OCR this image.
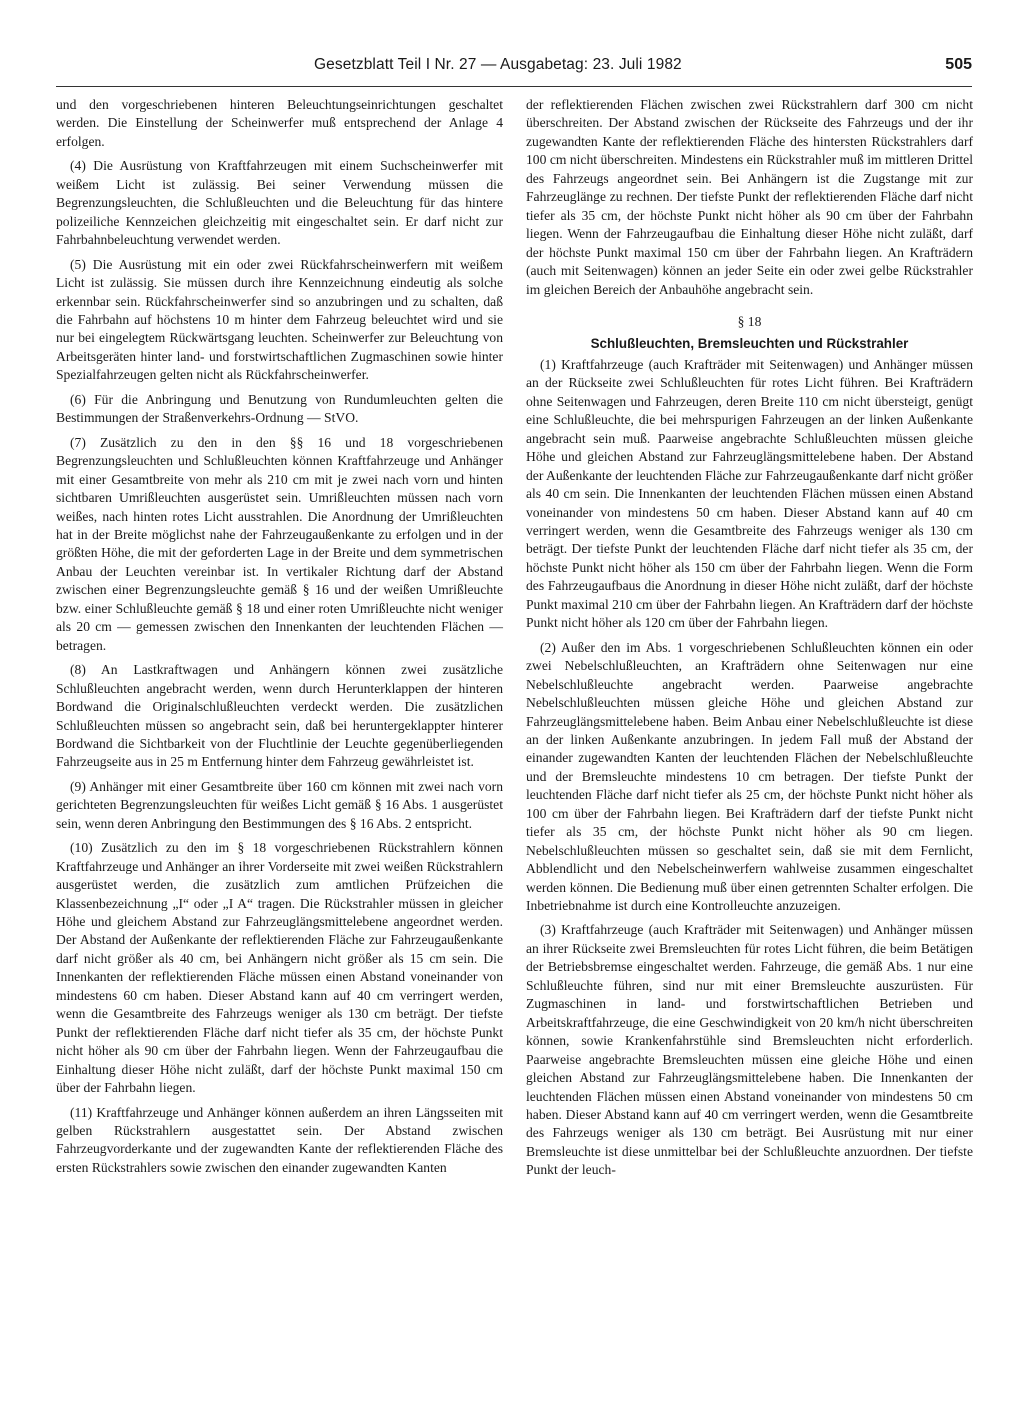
Gesetzblatt Teil I Nr. 27 — Ausgabetag: 23. Juli 1982	505

und den vorgeschriebenen hinteren Beleuchtungseinrichtungen geschaltet werden. Die Einstellung der Scheinwerfer muß entsprechend der Anlage 4 erfolgen.

(4) Die Ausrüstung von Kraftfahrzeugen mit einem Suchscheinwerfer mit weißem Licht ist zulässig. Bei seiner Verwendung müssen die Begrenzungsleuchten, die Schlußleuchten und die Beleuchtung für das hintere polizeiliche Kennzeichen gleichzeitig mit eingeschaltet sein. Er darf nicht zur Fahrbahnbeleuchtung verwendet werden.

(5) Die Ausrüstung mit ein oder zwei Rückfahrscheinwerfern mit weißem Licht ist zulässig. Sie müssen durch ihre Kennzeichnung eindeutig als solche erkennbar sein. Rückfahrscheinwerfer sind so anzubringen und zu schalten, daß die Fahrbahn auf höchstens 10 m hinter dem Fahrzeug beleuchtet wird und sie nur bei eingelegtem Rückwärtsgang leuchten. Scheinwerfer zur Beleuchtung von Arbeitsgeräten hinter land- und forstwirtschaftlichen Zugmaschinen sowie hinter Spezialfahrzeugen gelten nicht als Rückfahrscheinwerfer.

(6) Für die Anbringung und Benutzung von Rundumleuchten gelten die Bestimmungen der Straßenverkehrs-Ordnung — StVO.

(7) Zusätzlich zu den in den §§ 16 und 18 vorgeschriebenen Begrenzungsleuchten und Schlußleuchten können Kraftfahrzeuge und Anhänger mit einer Gesamtbreite von mehr als 210 cm mit je zwei nach vorn und hinten sichtbaren Umrißleuchten ausgerüstet sein. Umrißleuchten müssen nach vorn weißes, nach hinten rotes Licht ausstrahlen. Die Anordnung der Umrißleuchten hat in der Breite möglichst nahe der Fahrzeugaußenkante zu erfolgen und in der größten Höhe, die mit der geforderten Lage in der Breite und dem symmetrischen Anbau der Leuchten vereinbar ist. In vertikaler Richtung darf der Abstand zwischen einer Begrenzungsleuchte gemäß § 16 und der weißen Umrißleuchte bzw. einer Schlußleuchte gemäß § 18 und einer roten Umrißleuchte nicht weniger als 20 cm — gemessen zwischen den Innenkanten der leuchtenden Flächen — betragen.

(8) An Lastkraftwagen und Anhängern können zwei zusätzliche Schlußleuchten angebracht werden, wenn durch Herunterklappen der hinteren Bordwand die Originalschlußleuchten verdeckt werden. Die zusätzlichen Schlußleuchten müssen so angebracht sein, daß bei heruntergeklappter hinterer Bordwand die Sichtbarkeit von der Fluchtlinie der Leuchte gegenüberliegenden Fahrzeugseite aus in 25 m Entfernung hinter dem Fahrzeug gewährleistet ist.

(9) Anhänger mit einer Gesamtbreite über 160 cm können mit zwei nach vorn gerichteten Begrenzungsleuchten für weißes Licht gemäß § 16 Abs. 1 ausgerüstet sein, wenn deren Anbringung den Bestimmungen des § 16 Abs. 2 entspricht.

(10) Zusätzlich zu den im § 18 vorgeschriebenen Rückstrahlern können Kraftfahrzeuge und Anhänger an ihrer Vorderseite mit zwei weißen Rückstrahlern ausgerüstet werden, die zusätzlich zum amtlichen Prüfzeichen die Klassenbezeichnung „I“ oder „I A“ tragen. Die Rückstrahler müssen in gleicher Höhe und gleichem Abstand zur Fahrzeuglängsmittelebene angeordnet werden. Der Abstand der Außenkante der reflektierenden Fläche zur Fahrzeugaußenkante darf nicht größer als 40 cm, bei Anhängern nicht größer als 15 cm sein. Die Innenkanten der reflektierenden Fläche müssen einen Abstand voneinander von mindestens 60 cm haben. Dieser Abstand kann auf 40 cm verringert werden, wenn die Gesamtbreite des Fahrzeugs weniger als 130 cm beträgt. Der tiefste Punkt der reflektierenden Fläche darf nicht tiefer als 35 cm, der höchste Punkt nicht höher als 90 cm über der Fahrbahn liegen. Wenn der Fahrzeugaufbau die Einhaltung dieser Höhe nicht zuläßt, darf der höchste Punkt maximal 150 cm über der Fahrbahn liegen.

(11) Kraftfahrzeuge und Anhänger können außerdem an ihren Längsseiten mit gelben Rückstrahlern ausgestattet sein. Der Abstand zwischen Fahrzeugvorderkante und der zugewandten Kante der reflektierenden Fläche des ersten Rückstrahlers sowie zwischen den einander zugewandten Kanten

der reflektierenden Flächen zwischen zwei Rückstrahlern darf 300 cm nicht überschreiten. Der Abstand zwischen der Rückseite des Fahrzeugs und der ihr zugewandten Kante der reflektierenden Fläche des hintersten Rückstrahlers darf 100 cm nicht überschreiten. Mindestens ein Rückstrahler muß im mittleren Drittel des Fahrzeugs angeordnet sein. Bei Anhängern ist die Zugstange mit zur Fahrzeuglänge zu rechnen. Der tiefste Punkt der reflektierenden Fläche darf nicht tiefer als 35 cm, der höchste Punkt nicht höher als 90 cm über der Fahrbahn liegen. Wenn der Fahrzeugaufbau die Einhaltung dieser Höhe nicht zuläßt, darf der höchste Punkt maximal 150 cm über der Fahrbahn liegen. An Krafträdern (auch mit Seitenwagen) können an jeder Seite ein oder zwei gelbe Rückstrahler im gleichen Bereich der Anbauhöhe angebracht sein.

§ 18
Schlußleuchten, Bremsleuchten und Rückstrahler

(1) Kraftfahrzeuge (auch Krafträder mit Seitenwagen) und Anhänger müssen an der Rückseite zwei Schlußleuchten für rotes Licht führen. Bei Krafträdern ohne Seitenwagen und Fahrzeugen, deren Breite 110 cm nicht übersteigt, genügt eine Schlußleuchte, die bei mehrspurigen Fahrzeugen an der linken Außenkante angebracht sein muß. Paarweise angebrachte Schlußleuchten müssen gleiche Höhe und gleichen Abstand zur Fahrzeuglängsmittelebene haben. Der Abstand der Außenkante der leuchtenden Fläche zur Fahrzeugaußenkante darf nicht größer als 40 cm sein. Die Innenkanten der leuchtenden Flächen müssen einen Abstand voneinander von mindestens 50 cm haben. Dieser Abstand kann auf 40 cm verringert werden, wenn die Gesamtbreite des Fahrzeugs weniger als 130 cm beträgt. Der tiefste Punkt der leuchtenden Fläche darf nicht tiefer als 35 cm, der höchste Punkt nicht höher als 150 cm über der Fahrbahn liegen. Wenn die Form des Fahrzeugaufbaus die Anordnung in dieser Höhe nicht zuläßt, darf der höchste Punkt maximal 210 cm über der Fahrbahn liegen. An Krafträdern darf der höchste Punkt nicht höher als 120 cm über der Fahrbahn liegen.

(2) Außer den im Abs. 1 vorgeschriebenen Schlußleuchten können ein oder zwei Nebelschlußleuchten, an Krafträdern ohne Seitenwagen nur eine Nebelschlußleuchte angebracht werden. Paarweise angebrachte Nebelschlußleuchten müssen gleiche Höhe und gleichen Abstand zur Fahrzeuglängsmittelebene haben. Beim Anbau einer Nebelschlußleuchte ist diese an der linken Außenkante anzubringen. In jedem Fall muß der Abstand der einander zugewandten Kanten der leuchtenden Flächen der Nebelschlußleuchte und der Bremsleuchte mindestens 10 cm betragen. Der tiefste Punkt der leuchtenden Fläche darf nicht tiefer als 25 cm, der höchste Punkt nicht höher als 100 cm über der Fahrbahn liegen. Bei Krafträdern darf der tiefste Punkt nicht tiefer als 35 cm, der höchste Punkt nicht höher als 90 cm liegen. Nebelschlußleuchten müssen so geschaltet sein, daß sie mit dem Fernlicht, Abblendlicht und den Nebelscheinwerfern wahlweise zusammen eingeschaltet werden können. Die Bedienung muß über einen getrennten Schalter erfolgen. Die Inbetriebnahme ist durch eine Kontrolleuchte anzuzeigen.

(3) Kraftfahrzeuge (auch Krafträder mit Seitenwagen) und Anhänger müssen an ihrer Rückseite zwei Bremsleuchten für rotes Licht führen, die beim Betätigen der Betriebsbremse eingeschaltet werden. Fahrzeuge, die gemäß Abs. 1 nur eine Schlußleuchte führen, sind nur mit einer Bremsleuchte auszurüsten. Für Zugmaschinen in land- und forstwirtschaftlichen Betrieben und Arbeitskraftfahrzeuge, die eine Geschwindigkeit von 20 km/h nicht überschreiten können, sowie Krankenfahrstühle sind Bremsleuchten nicht erforderlich. Paarweise angebrachte Bremsleuchten müssen eine gleiche Höhe und einen gleichen Abstand zur Fahrzeuglängsmittelebene haben. Die Innenkanten der leuchtenden Flächen müssen einen Abstand voneinander von mindestens 50 cm haben. Dieser Abstand kann auf 40 cm verringert werden, wenn die Gesamtbreite des Fahrzeugs weniger als 130 cm beträgt. Bei Ausrüstung mit nur einer Bremsleuchte ist diese unmittelbar bei der Schlußleuchte anzuordnen. Der tiefste Punkt der leuch-
